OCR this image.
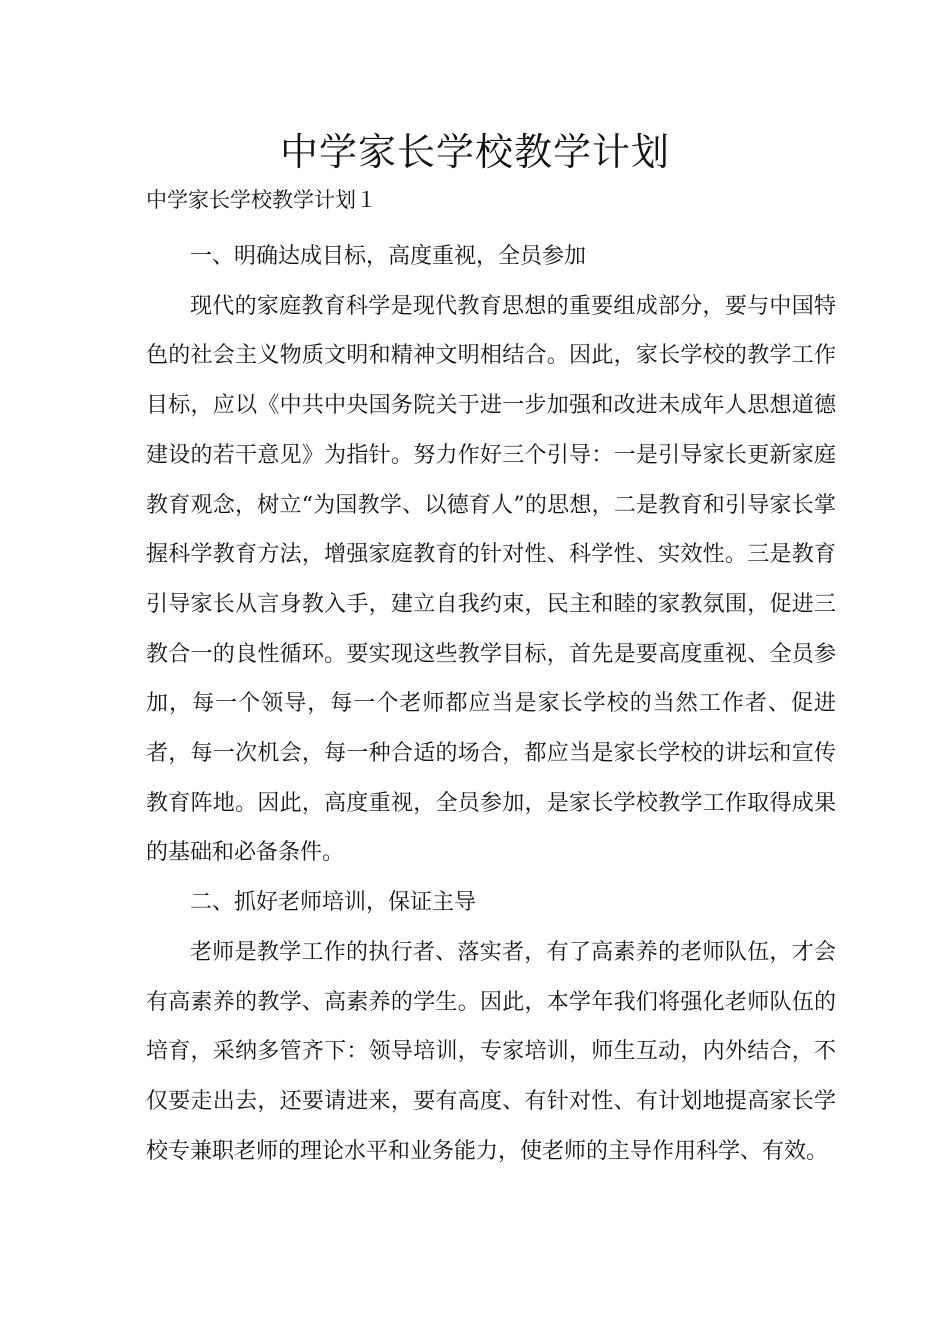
中学家长学校教学计划
中学家长学校教学计划１

一、明确达成目标，高度重视，全员参加

现代的家庭教育科学是现代教育思想的重要组成部分，要与中国特色的社会主义物质文明和精神文明相结合。因此，家长学校的教学工作目标，应以《中共中央国务院关于进一步加强和改进未成年人思想道德建设的若干意见》为指针。努力作好三个引导：一是引导家长更新家庭教育观念，树立“为国教学、以德育人”的思想，二是教育和引导家长掌握科学教育方法，增强家庭教育的针对性、科学性、实效性。三是教育引导家长从言身教入手，建立自我约束，民主和睦的家教氛围，促进三教合一的良性循环。要实现这些教学目标，首先是要高度重视、全员参加，每一个领导，每一个老师都应当是家长学校的当然工作者、促进者，每一次机会，每一种合适的场合，都应当是家长学校的讲坛和宣传教育阵地。因此，高度重视，全员参加，是家长学校教学工作取得成果的基础和必备条件。

二、抓好老师培训，保证主导

老师是教学工作的执行者、落实者，有了高素养的老师队伍，才会有高素养的教学、高素养的学生。因此，本学年我们将强化老师队伍的培育，采纳多管齐下：领导培训，专家培训，师生互动，内外结合，不仅要走出去，还要请进来，要有高度、有针对性、有计划地提高家长学校专兼职老师的理论水平和业务能力，使老师的主导作用科学、有效。
